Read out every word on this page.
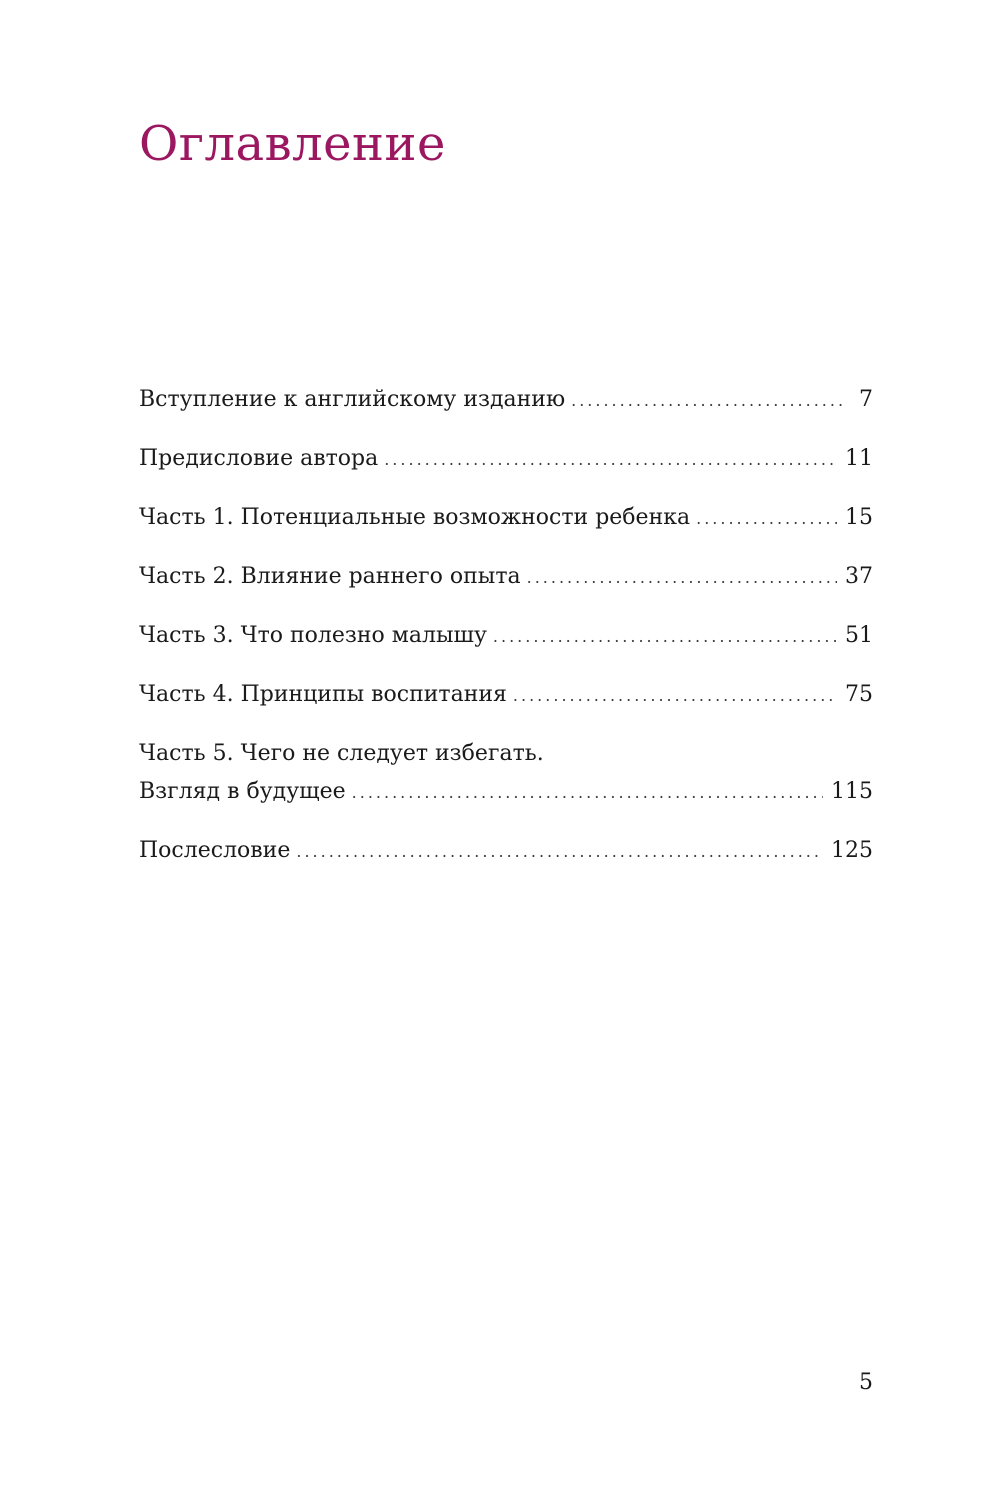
Оглавление
Вступление к английскому изданию .....	7
Предисловие автора .....	11
Часть 1. Потенциальные возможности ребенка .....	15
Часть 2. Влияние раннего опыта .....	37
Часть 3. Что полезно малышу .....	51
Часть 4. Принципы воспитания .....	75
Часть 5. Чего не следует избегать.
Взгляд в будущее .....	115
Послесловие .....	125
5
